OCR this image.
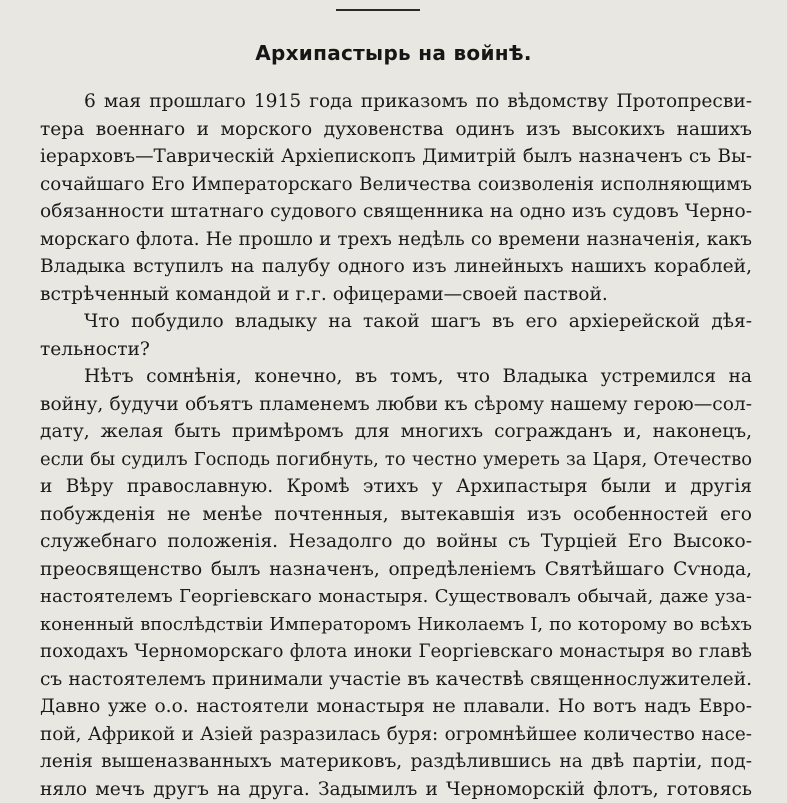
Архипастырь на войнѣ.
6 мая прошлаго 1915 года приказомъ по вѣдомству Протопресви-
тера военнаго и морского духовенства одинъ изъ высокихъ нашихъ
iерарховъ—Таврическiй Архiепископъ Димитрiй былъ назначенъ съ Вы-
сочайшаго Его Императорскаго Величества соизволенiя исполняющимъ
обязанности штатнаго судового священника на одно изъ судовъ Черно-
морскаго флота. Не прошло и трехъ недѣль со времени назначенiя, какъ
Владыка вступилъ на палубу одного изъ линейныхъ нашихъ кораблей,
встрѣченный командой и г.г. офицерами—своей паствой.
Что побудило владыку на такой шагъ въ его архiерейской дѣя-
тельности?
Нѣтъ сомнѣнiя, конечно, въ томъ, что Владыка устремился на
войну, будучи объятъ пламенемъ любви къ сѣрому нашему герою—сол-
дату, желая быть примѣромъ для многихъ согражданъ и, наконецъ,
если бы судилъ Господь погибнуть, то честно умереть за Царя, Отечество
и Вѣру православную. Кромѣ этихъ у Архипастыря были и другiя
побужденiя не менѣе почтенныя, вытекавшiя изъ особенностей его
служебнаго положенiя. Незадолго до войны съ Турцiей Его Высоко-
преосвященство былъ назначенъ, опредѣленiемъ Святѣйшаго Сѵнода,
настоятелемъ Георгiевскаго монастыря. Существовалъ обычай, даже уза-
коненный впослѣдствiи Императоромъ Николаемъ I, по которому во всѣхъ
походахъ Черноморскаго флота иноки Георгiевскаго монастыря во главѣ
съ настоятелемъ принимали участiе въ качествѣ священнослужителей.
Давно уже о.о. настоятели монастыря не плавали. Но вотъ надъ Евро-
пой, Африкой и Азiей разразилась буря: огромнѣйшее количество насе-
ленiя вышеназванныхъ материковъ, раздѣлившись на двѣ партiи, под-
няло мечъ другъ на друга. Задымилъ и Черноморскiй флотъ, готовясь
